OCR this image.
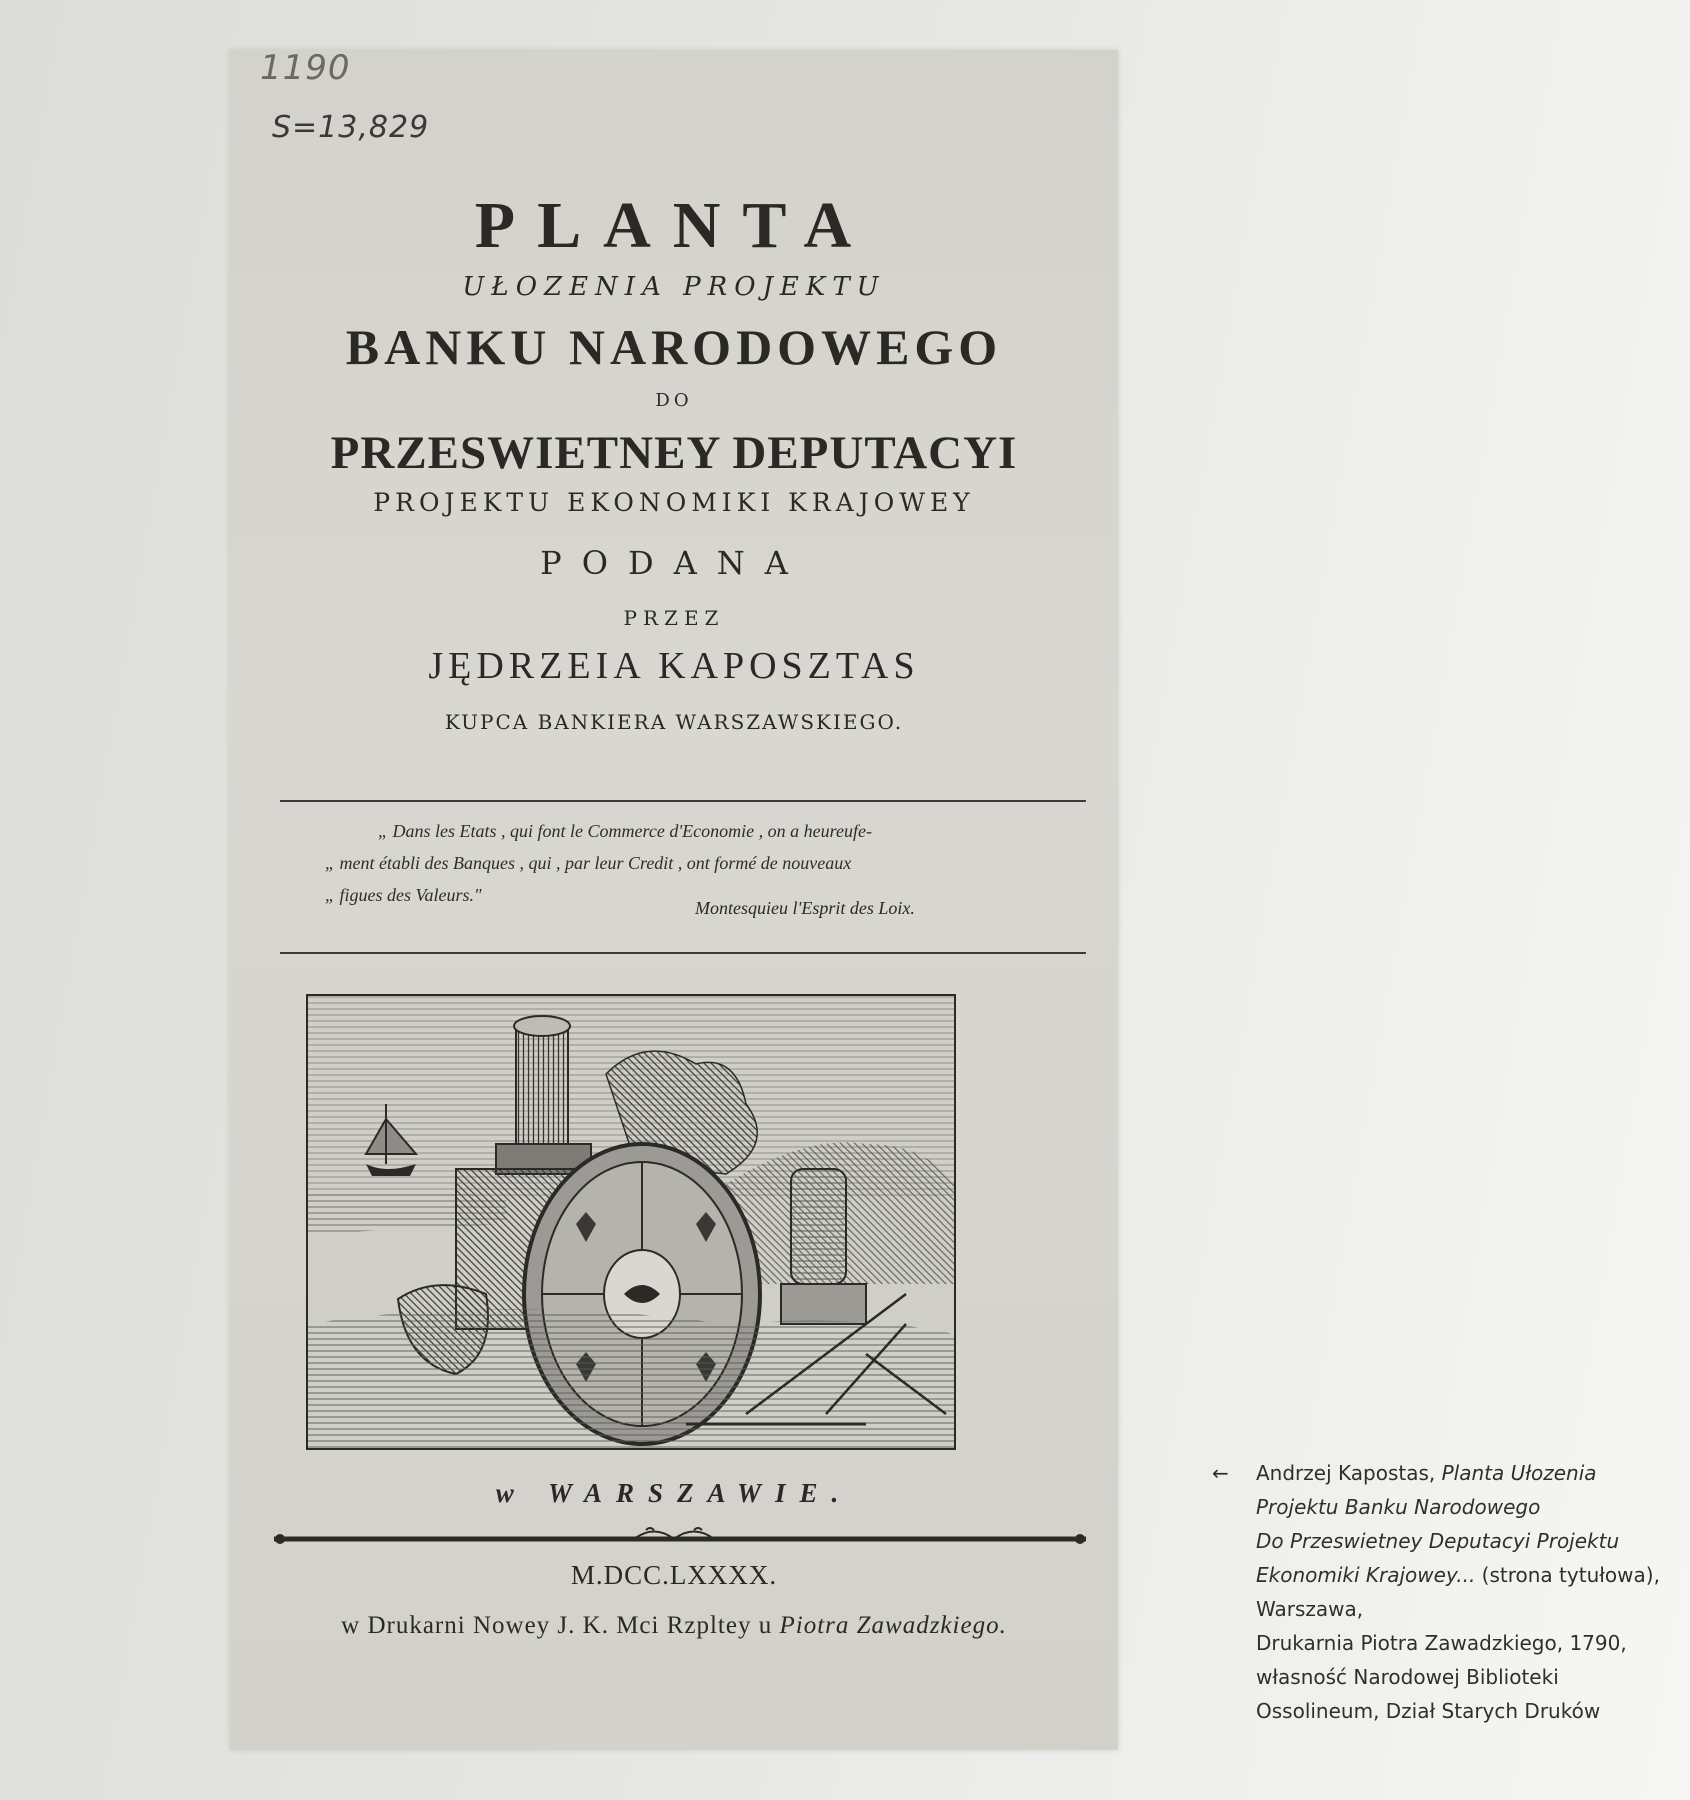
1190
S=13,829
PLANTA
UŁOZENIA PROJEKTU
BANKU NARODOWEGO
DO
PRZESWIETNEY DEPUTACYI
PROJEKTU EKONOMIKI KRAJOWEY
PODANA
PRZEZ
JĘDRZEIA KAPOSZTAS
KUPCA BANKIERA WARSZAWSKIEGO.
„ Dans les Etats , qui font le Commerce d'Economie , on a heureufe-
„ ment établi des Banques , qui , par leur Credit , ont formé de nouveaux
„ figues des Valeurs."
Montesquieu l'Esprit des Loix.
w WARSZAWIE.
M.DCC.LXXXX.
w Drukarni Nowey J. K. Mci Rzpltey u Piotra Zawadzkiego.
← Andrzej Kapostas, Planta Ułozenia
Projektu Banku Narodowego
Do Przeswietney Deputacyi Projektu
Ekonomiki Krajowey... (strona tytułowa),
Warszawa,
Drukarnia Piotra Zawadzkiego, 1790,
własność Narodowej Biblioteki
Ossolineum, Dział Starych Druków
